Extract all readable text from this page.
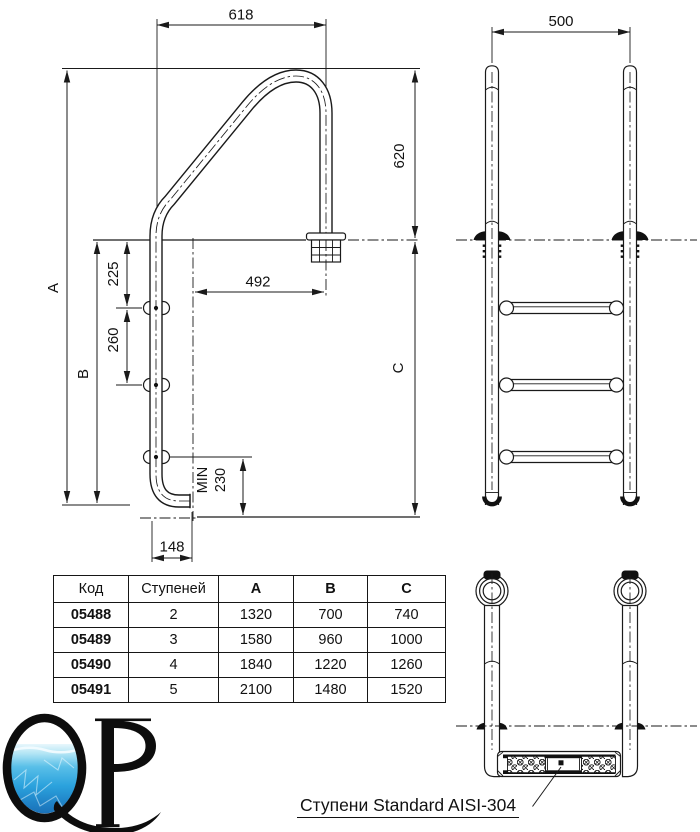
618
A
B
225
260
620
C
492
MIN 230
148
500
Код	Ступеней	A	B	C
05488	2	1320	700	740
05489	3	1580	960	1000
05490	4	1840	1220	1260
05491	5	2100	1480	1520
Ступени Standard AISI-304
